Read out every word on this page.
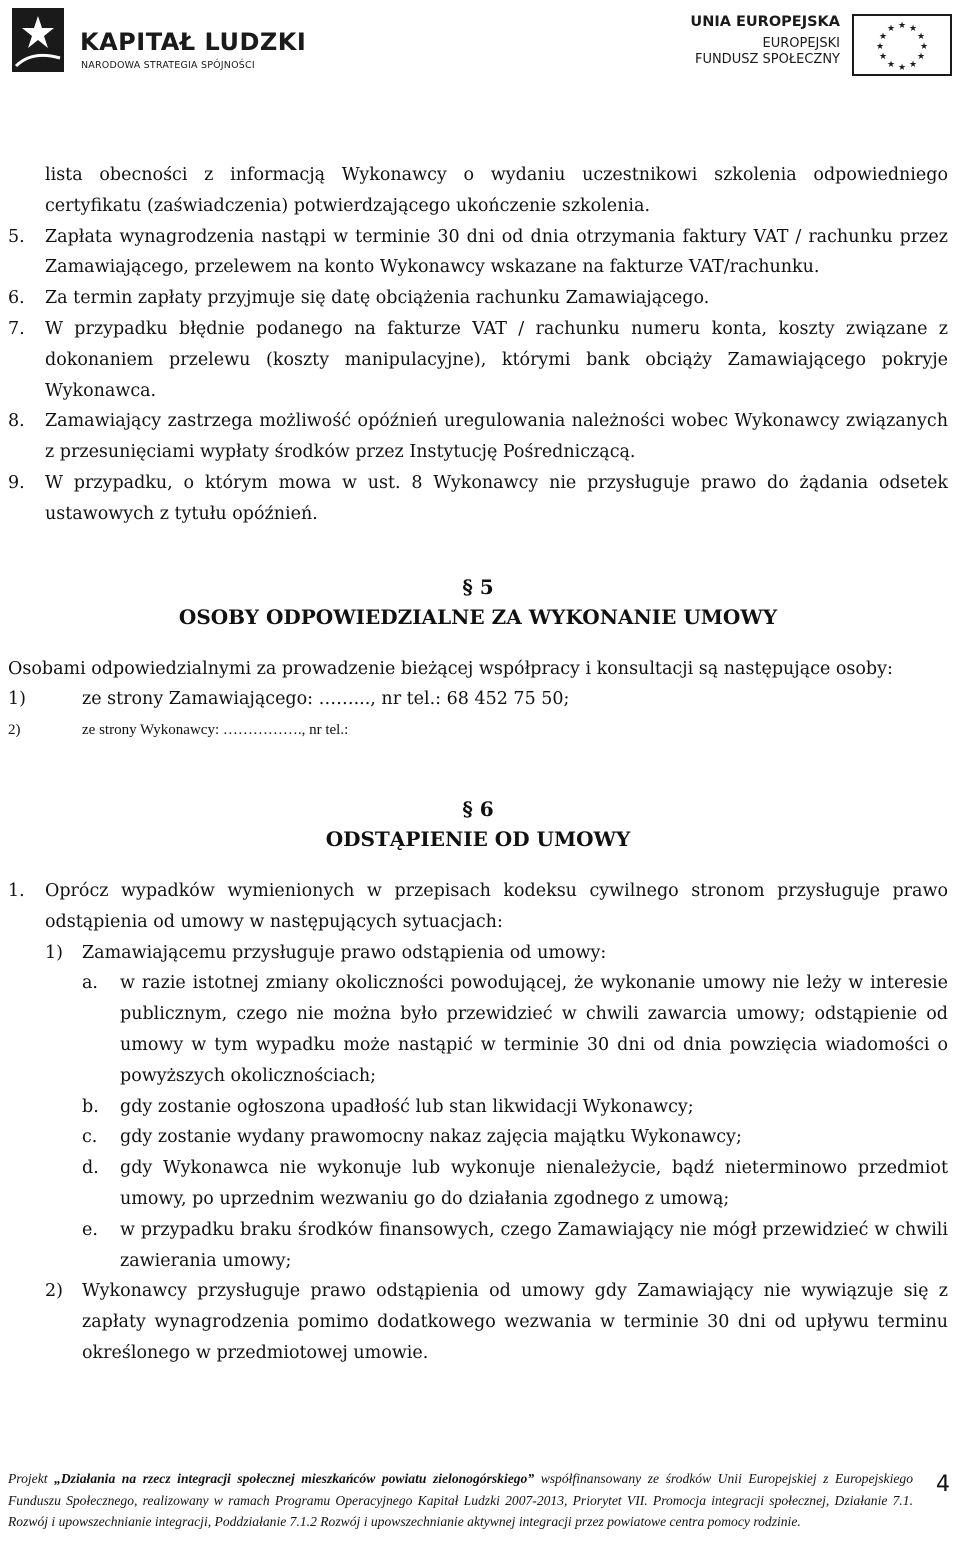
KAPITAŁ LUDZKI
NARODOWA STRATEGIA SPÓJNOŚCI
UNIA EUROPEJSKA
EUROPEJSKI
FUNDUSZ SPOŁECZNY
★ ★
★
★
★
★
★
★
★
★
★
★

lista obecności z informacją Wykonawcy o wydaniu uczestnikowi szkolenia odpowiedniego certyfikatu (zaświadczenia) potwierdzającego ukończenie szkolenia.

5.	Zapłata wynagrodzenia nastąpi w terminie 30 dni od dnia otrzymania faktury VAT / rachunku przez Zamawiającego, przelewem na konto Wykonawcy wskazane na fakturze VAT/rachunku.

6.	Za termin zapłaty przyjmuje się datę obciążenia rachunku Zamawiającego.

7.	W przypadku błędnie podanego na fakturze VAT / rachunku numeru konta, koszty związane z dokonaniem przelewu (koszty manipulacyjne), którymi bank obciąży Zamawiającego pokryje Wykonawca.

8.	Zamawiający zastrzega możliwość opóźnień uregulowania należności wobec Wykonawcy związanych z przesunięciami wypłaty środków przez Instytucję Pośredniczącą.

9.	W przypadku, o którym mowa w ust. 8 Wykonawcy nie przysługuje prawo do żądania odsetek ustawowych z tytułu opóźnień.

§ 5
OSOBY ODPOWIEDZIALNE ZA WYKONANIE UMOWY

Osobami odpowiedzialnymi za prowadzenie bieżącej współpracy i konsultacji są następujące osoby:

1)	ze strony Zamawiającego: ……..., nr tel.: 68 452 75 50;

2)	ze strony Wykonawcy: ……………., nr tel.:

§ 6
ODSTĄPIENIE OD UMOWY
1.	Oprócz wypadków wymienionych w przepisach kodeksu cywilnego stronom przysługuje prawo odstąpienia od umowy w następujących sytuacjach:

1)	Zamawiającemu przysługuje prawo odstąpienia od umowy:

a. w razie istotnej zmiany okoliczności powodującej, że wykonanie umowy nie leży w interesie publicznym, czego nie można było przewidzieć w chwili zawarcia umowy; odstąpienie od umowy w tym wypadku może nastąpić w terminie 30 dni od dnia powzięcia wiadomości o powyższych okolicznościach;

b. gdy zostanie ogłoszona upadłość lub stan likwidacji Wykonawcy;

c. gdy zostanie wydany prawomocny nakaz zajęcia majątku Wykonawcy;

d. gdy Wykonawca nie wykonuje lub wykonuje nienależycie, bądź nieterminowo przedmiot umowy, po uprzednim wezwaniu go do działania zgodnego z umową;

e. w przypadku braku środków finansowych, czego Zamawiający nie mógł przewidzieć w chwili zawierania umowy;

2)	Wykonawcy przysługuje prawo odstąpienia od umowy gdy Zamawiający nie wywiązuje się z zapłaty wynagrodzenia pomimo dodatkowego wezwania w terminie 30 dni od upływu terminu określonego w przedmiotowej umowie.

Projekt „Działania na rzecz integracji społecznej mieszkańców powiatu zielonogórskiego” współfinansowany ze środków Unii Europejskiej z Europejskiego Funduszu Społecznego, realizowany w ramach Programu Operacyjnego Kapitał Ludzki 2007-2013, Priorytet VII. Promocja integracji społecznej, Działanie 7.1. Rozwój i upowszechnianie integracji, Poddziałanie 7.1.2 Rozwój i upowszechnianie aktywnej integracji przez powiatowe centra pomocy rodzinie.
4
